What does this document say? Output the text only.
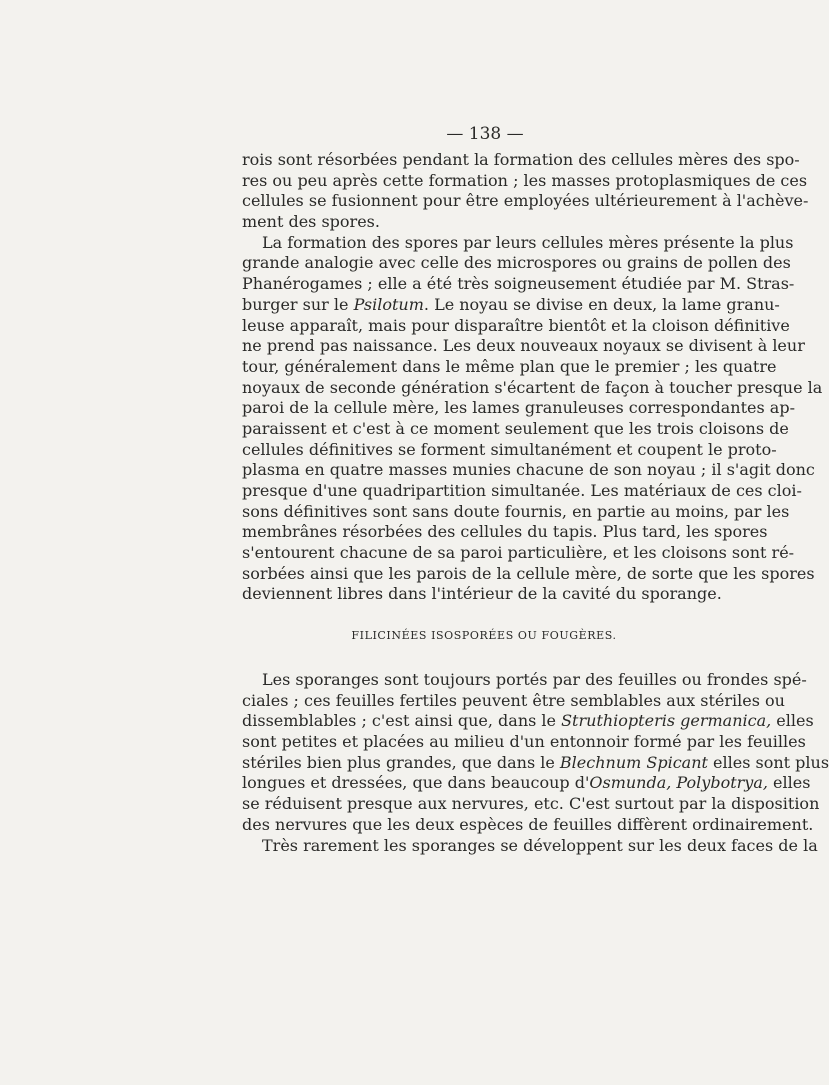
— 138 —
rois sont résorbées pendant la formation des cellules mères des spo-
res ou peu après cette formation ; les masses protoplasmiques de ces
cellules se fusionnent pour être employées ultérieurement à l'achève-
ment des spores.
La formation des spores par leurs cellules mères présente la plus
grande analogie avec celle des microspores ou grains de pollen des
Phanérogames ; elle a été très soigneusement étudiée par M. Stras-
burger sur le Psilotum. Le noyau se divise en deux, la lame granu-
leuse apparaît, mais pour disparaître bientôt et la cloison définitive
ne prend pas naissance. Les deux nouveaux noyaux se divisent à leur
tour, généralement dans le même plan que le premier ; les quatre
noyaux de seconde génération s'écartent de façon à toucher presque la
paroi de la cellule mère, les lames granuleuses correspondantes ap-
paraissent et c'est à ce moment seulement que les trois cloisons de
cellules définitives se forment simultanément et coupent le proto-
plasma en quatre masses munies chacune de son noyau ; il s'agit donc
presque d'une quadripartition simultanée. Les matériaux de ces cloi-
sons définitives sont sans doute fournis, en partie au moins, par les
membrânes résorbées des cellules du tapis. Plus tard, les spores
s'entourent chacune de sa paroi particulière, et les cloisons sont ré-
sorbées ainsi que les parois de la cellule mère, de sorte que les spores
deviennent libres dans l'intérieur de la cavité du sporange.
FILICINÉES ISOSPORÉES OU FOUGÈRES.
Les sporanges sont toujours portés par des feuilles ou frondes spé-
ciales ; ces feuilles fertiles peuvent être semblables aux stériles ou
dissemblables ; c'est ainsi que, dans le Struthiopteris germanica, elles
sont petites et placées au milieu d'un entonnoir formé par les feuilles
stériles bien plus grandes, que dans le Blechnum Spicant elles sont plus
longues et dressées, que dans beaucoup d'Osmunda, Polybotrya, elles
se réduisent presque aux nervures, etc. C'est surtout par la disposition
des nervures que les deux espèces de feuilles diffèrent ordinairement.
Très rarement les sporanges se développent sur les deux faces de la
